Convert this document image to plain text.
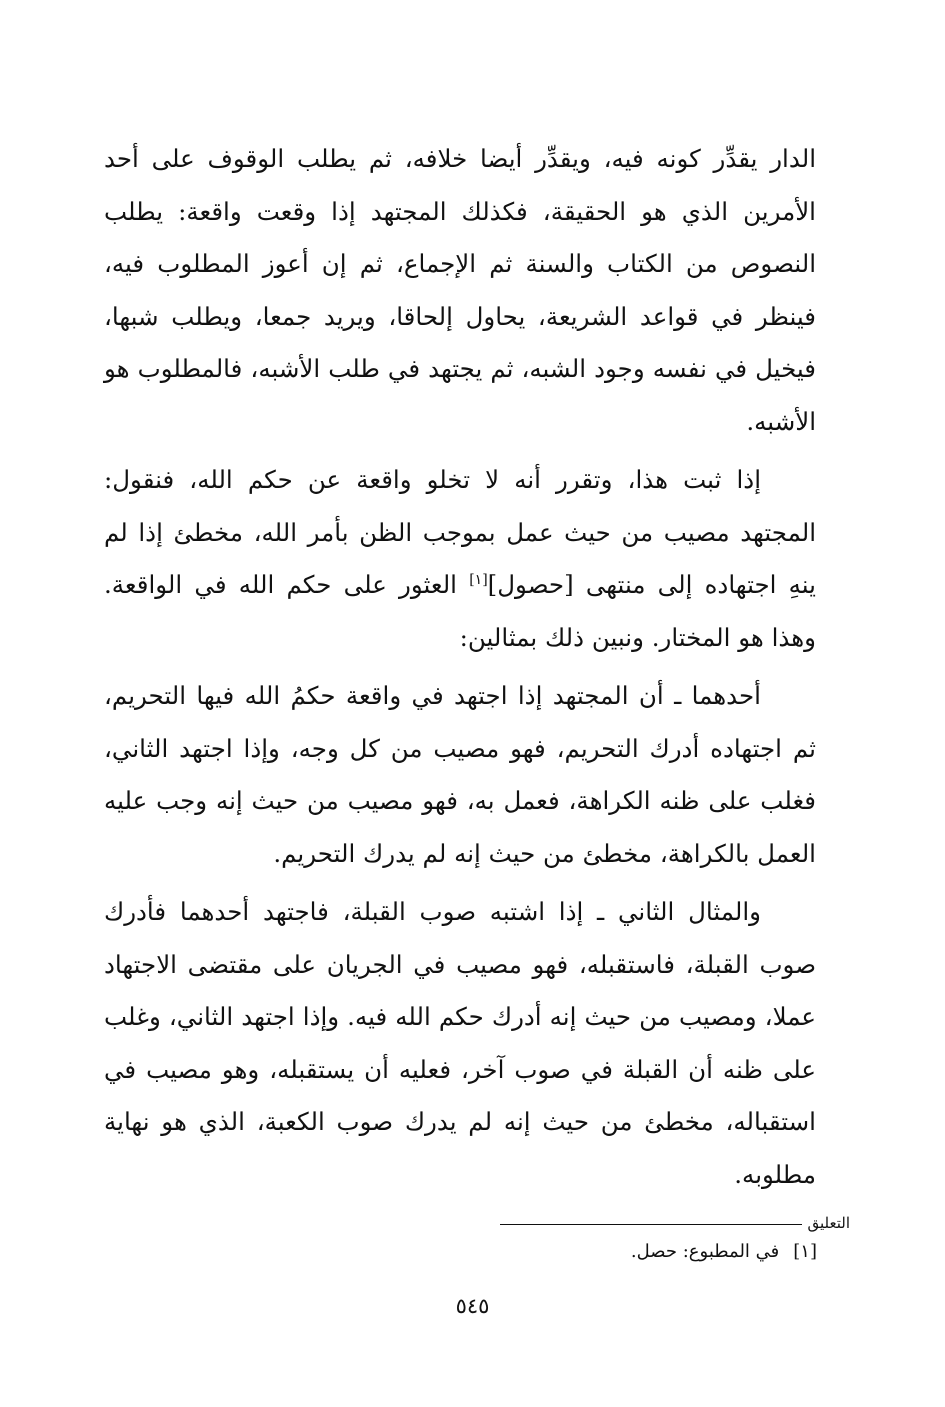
الدار يقدِّر كونه فيه، ويقدِّر أيضا خلافه، ثم يطلب الوقوف على أحد الأمرين الذي هو الحقيقة، فكذلك المجتهد إذا وقعت واقعة: يطلب النصوص من الكتاب والسنة ثم الإجماع، ثم إن أعوز المطلوب فيه، فينظر في قواعد الشريعة، يحاول إلحاقا، ويريد جمعا، ويطلب شبها، فيخيل في نفسه وجود الشبه، ثم يجتهد في طلب الأشبه، فالمطلوب هو الأشبه.

إذا ثبت هذا، وتقرر أنه لا تخلو واقعة عن حكم الله، فنقول: المجتهد مصيب من حيث عمل بموجب الظن بأمر الله، مخطئ إذا لم ينهِ اجتهاده إلى منتهى [حصول][١] العثور على حكم الله في الواقعة. وهذا هو المختار. ونبين ذلك بمثالين:

أحدهما ـ أن المجتهد إذا اجتهد في واقعة حكمُ الله فيها التحريم، ثم اجتهاده أدرك التحريم، فهو مصيب من كل وجه، وإذا اجتهد الثاني، فغلب على ظنه الكراهة، فعمل به، فهو مصيب من حيث إنه وجب عليه العمل بالكراهة، مخطئ من حيث إنه لم يدرك التحريم.

والمثال الثاني ـ إذا اشتبه صوب القبلة، فاجتهد أحدهما فأدرك صوب القبلة، فاستقبله، فهو مصيب في الجريان على مقتضى الاجتهاد عملا، ومصيب من حيث إنه أدرك حكم الله فيه. وإذا اجتهد الثاني، وغلب على ظنه أن القبلة في صوب آخر، فعليه أن يستقبله، وهو مصيب في استقباله، مخطئ من حيث إنه لم يدرك صوب الكعبة، الذي هو نهاية مطلوبه.

التعليق
[١]في المطبوع: حصل.
٥٤٥
